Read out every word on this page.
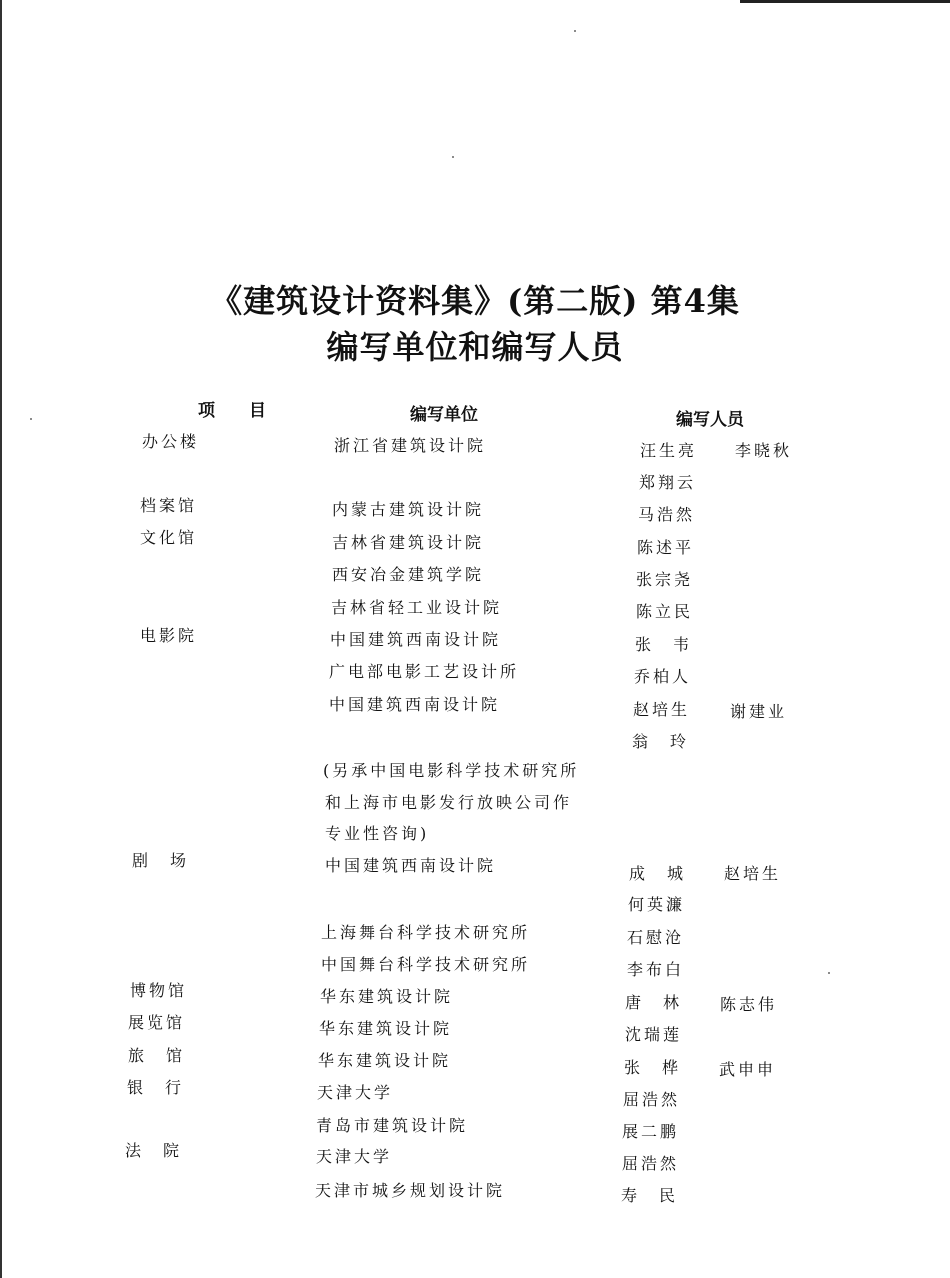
《建筑设计资料集》(第二版) 第4集
编写单位和编写人员
项　　目	编写单位	编写人员
办公楼
档案馆
文化馆
电影院
剧　场
博物馆
展览馆
旅　馆
银　行
法　院
浙江省建筑设计院
内蒙古建筑设计院
吉林省建筑设计院
西安冶金建筑学院
吉林省轻工业设计院
中国建筑西南设计院
广电部电影工艺设计所
中国建筑西南设计院
(另承中国电影科学技术研究所
和上海市电影发行放映公司作
专业性咨询)
中国建筑西南设计院
上海舞台科学技术研究所
中国舞台科学技术研究所
华东建筑设计院
华东建筑设计院
华东建筑设计院
天津大学
青岛市建筑设计院
天津大学
天津市城乡规划设计院
汪生亮
郑翔云
马浩然
陈述平
张宗尧
陈立民
张　韦
乔柏人
赵培生
翁　玲
成　城
何英濂
石慰沧
李布白
唐　林
沈瑞莲
张　桦
屈浩然
展二鹏
屈浩然
寿　民
李晓秋
谢建业
赵培生
陈志伟
武申申
